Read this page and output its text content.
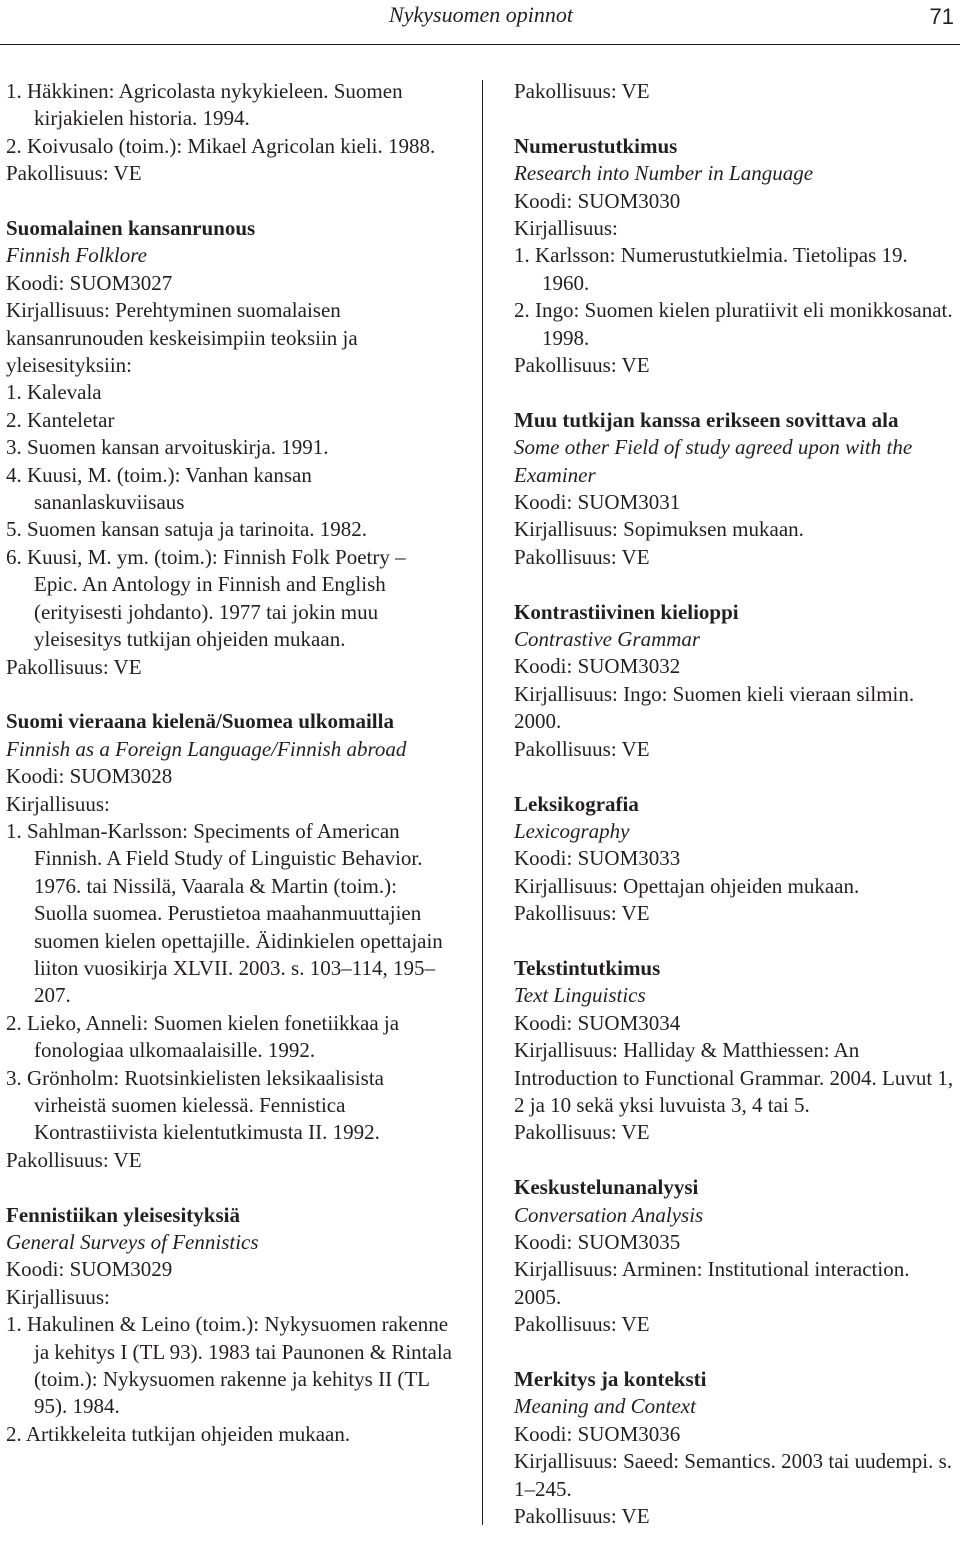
Nykysuomen opinnot	71
1. Häkkinen: Agricolasta nykykieleen. Suomen kirjakielen historia. 1994.
2. Koivusalo (toim.): Mikael Agricolan kieli. 1988.
Pakollisuus: VE
Suomalainen kansanrunous
Finnish Folklore
Koodi: SUOM3027
Kirjallisuus: Perehtyminen suomalaisen kansanrunouden keskeisimpiin teoksiin ja yleisesityksiin:
1. Kalevala
2. Kanteletar
3. Suomen kansan arvoituskirja. 1991.
4. Kuusi, M. (toim.): Vanhan kansan sananlaskuviisaus
5. Suomen kansan satuja ja tarinoita. 1982.
6. Kuusi, M. ym. (toim.): Finnish Folk Poetry – Epic. An Antology in Finnish and English (erityisesti johdanto). 1977 tai jokin muu yleisesitys tutkijan ohjeiden mukaan.
Pakollisuus: VE
Suomi vieraana kielenä/Suomea ulkomailla
Finnish as a Foreign Language/Finnish abroad
Koodi: SUOM3028
Kirjallisuus:
1. Sahlman-Karlsson: Speciments of American Finnish. A Field Study of Linguistic Behavior. 1976. tai Nissilä, Vaarala & Martin (toim.): Suolla suomea. Perustietoa maahanmuuttajien suomen kielen opettajille. Äidinkielen opettajain liiton vuosikirja XLVII. 2003. s. 103–114, 195–207.
2. Lieko, Anneli: Suomen kielen fonetiikkaa ja fonologiaa ulkomaalaisille. 1992.
3. Grönholm: Ruotsinkielisten leksikaalisista virheistä suomen kielessä. Fennistica Kontrastiivista kielentutkimusta II. 1992.
Pakollisuus: VE
Fennistiikan yleisesityksiä
General Surveys of Fennistics
Koodi: SUOM3029
Kirjallisuus:
1. Hakulinen & Leino (toim.): Nykysuomen rakenne ja kehitys I (TL 93). 1983 tai Paunonen & Rintala (toim.): Nykysuomen rakenne ja kehitys II (TL 95). 1984.
2. Artikkeleita tutkijan ohjeiden mukaan.
Pakollisuus: VE
Numerustutkimus
Research into Number in Language
Koodi: SUOM3030
Kirjallisuus:
1. Karlsson: Numerustutkielmia. Tietolipas 19. 1960.
2. Ingo: Suomen kielen pluratiivit eli monikkosanat. 1998.
Pakollisuus: VE
Muu tutkijan kanssa erikseen sovittava ala
Some other Field of study agreed upon with the Examiner
Koodi: SUOM3031
Kirjallisuus: Sopimuksen mukaan.
Pakollisuus: VE
Kontrastiivinen kielioppi
Contrastive Grammar
Koodi: SUOM3032
Kirjallisuus: Ingo: Suomen kieli vieraan silmin. 2000.
Pakollisuus: VE
Leksikografia
Lexicography
Koodi: SUOM3033
Kirjallisuus: Opettajan ohjeiden mukaan.
Pakollisuus: VE
Tekstintutkimus
Text Linguistics
Koodi: SUOM3034
Kirjallisuus: Halliday & Matthiessen: An Introduction to Functional Grammar. 2004. Luvut 1, 2 ja 10 sekä yksi luvuista 3, 4 tai 5.
Pakollisuus: VE
Keskustelunanalyysi
Conversation Analysis
Koodi: SUOM3035
Kirjallisuus: Arminen: Institutional interaction. 2005.
Pakollisuus: VE
Merkitys ja konteksti
Meaning and Context
Koodi: SUOM3036
Kirjallisuus: Saeed: Semantics. 2003 tai uudempi. s. 1–245.
Pakollisuus: VE
